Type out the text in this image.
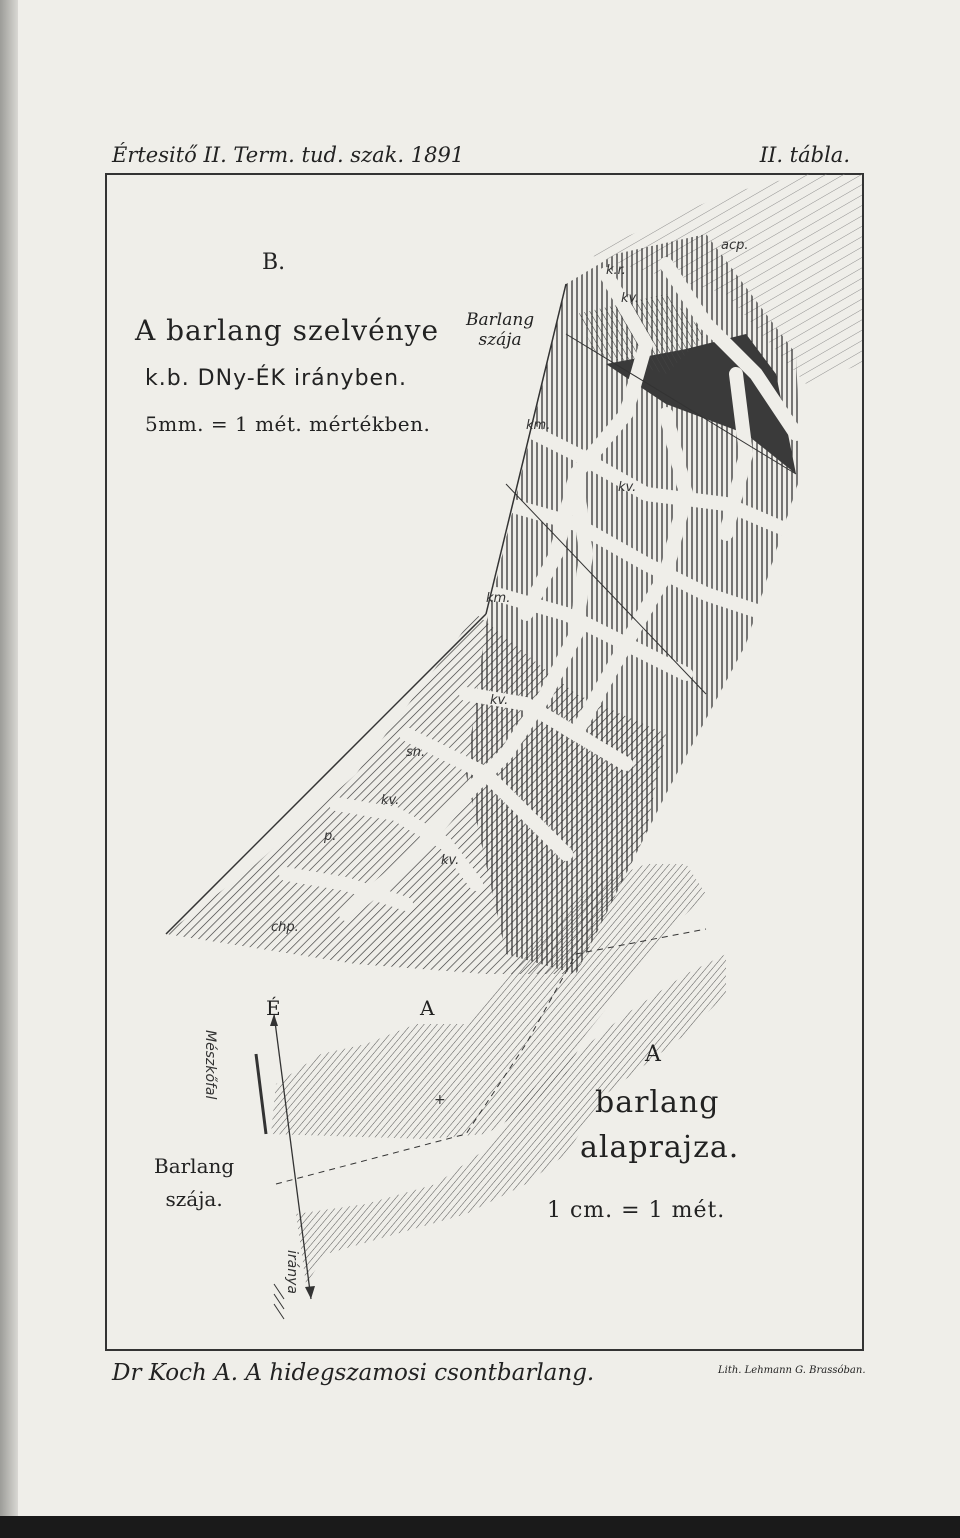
Értesitő II. Term. tud. szak. 1891	II. tábla.
acp.
k.r.
kv.
km.
kv.
km.
kv.
sn.
kv.
p.
kv.
chp.
+
B.
A barlang szelvénye
k.b. DNy-ÉK irányben.
5mm. = 1 mét. mértékben.
Barlang
szája
É	A
A
barlang
alaprajza.
1 cm. = 1 mét.
Barlang
szája.
Mészkőfal
iránya
Dr Koch A. A hidegszamosi csontbarlang.	Lith. Lehmann G. Brassóban.
